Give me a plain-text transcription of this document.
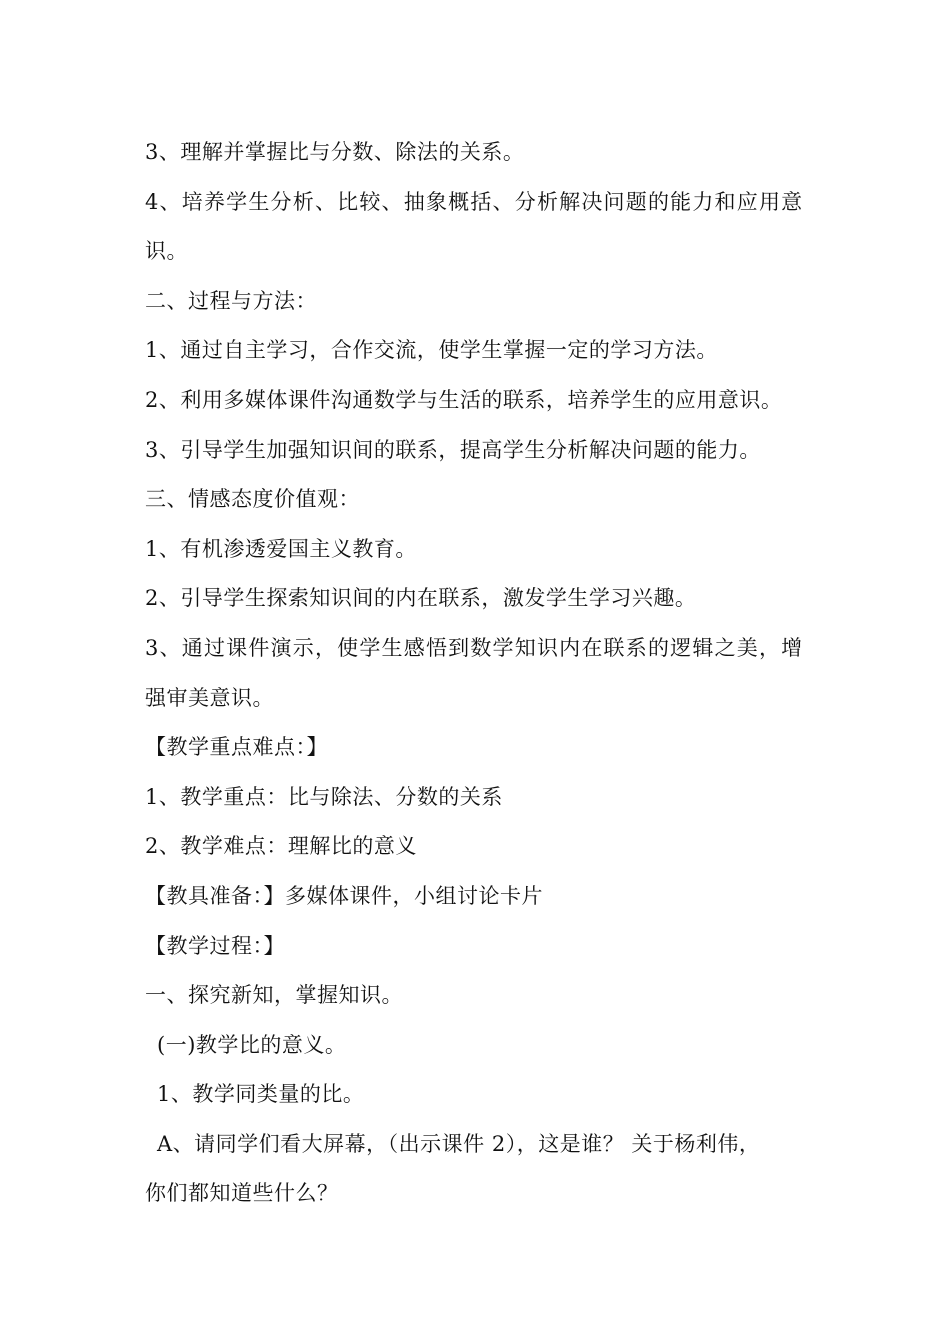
3、理解并掌握比与分数、除法的关系。
4、培养学生分析、比较、抽象概括、分析解决问题的能力和应用意
识。
二、过程与方法：
1、通过自主学习，合作交流，使学生掌握一定的学习方法。
2、利用多媒体课件沟通数学与生活的联系，培养学生的应用意识。
3、引导学生加强知识间的联系，提高学生分析解决问题的能力。
三、情感态度价值观：
1、有机渗透爱国主义教育。
2、引导学生探索知识间的内在联系，激发学生学习兴趣。
3、通过课件演示，使学生感悟到数学知识内在联系的逻辑之美，增
强审美意识。
【教学重点难点：】
1、教学重点：比与除法、分数的关系
2、教学难点：理解比的意义
【教具准备：】多媒体课件，小组讨论卡片
【教学过程：】
一、探究新知，掌握知识。
(一)教学比的意义。
1、教学同类量的比。
A、请同学们看大屏幕，（出示课件 2），这是谁？ 关于杨利伟，
你们都知道些什么？
